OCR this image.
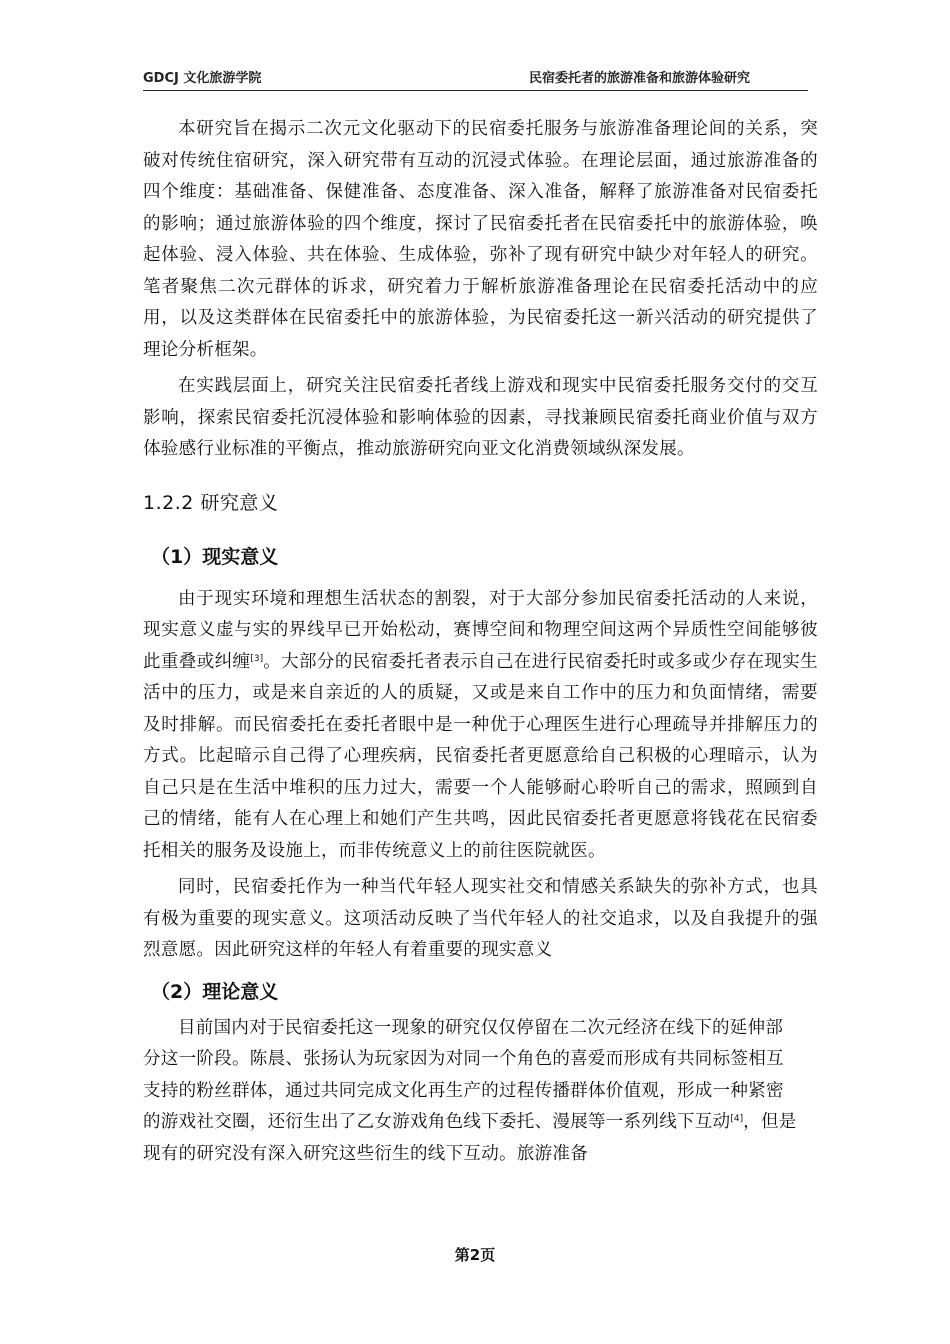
GDCJ 文化旅游学院	民宿委托者的旅游准备和旅游体验研究

本研究旨在揭示二次元文化驱动下的民宿委托服务与旅游准备理论间的关系，突破对传统住宿研究，深入研究带有互动的沉浸式体验。在理论层面，通过旅游准备的四个维度：基础准备、保健准备、态度准备、深入准备，解释了旅游准备对民宿委托的影响；通过旅游体验的四个维度，探讨了民宿委托者在民宿委托中的旅游体验，唤起体验、浸入体验、共在体验、生成体验，弥补了现有研究中缺少对年轻人的研究。笔者聚焦二次元群体的诉求，研究着力于解析旅游准备理论在民宿委托活动中的应用，以及这类群体在民宿委托中的旅游体验，为民宿委托这一新兴活动的研究提供了理论分析框架。

在实践层面上，研究关注民宿委托者线上游戏和现实中民宿委托服务交付的交互影响，探索民宿委托沉浸体验和影响体验的因素，寻找兼顾民宿委托商业价值与双方体验感行业标准的平衡点，推动旅游研究向亚文化消费领域纵深发展。

1.2.2 研究意义
（1）现实意义

由于现实环境和理想生活状态的割裂，对于大部分参加民宿委托活动的人来说，现实意义虚与实的界线早已开始松动，赛博空间和物理空间这两个异质性空间能够彼此重叠或纠缠[3]。大部分的民宿委托者表示自己在进行民宿委托时或多或少存在现实生活中的压力，或是来自亲近的人的质疑，又或是来自工作中的压力和负面情绪，需要及时排解。而民宿委托在委托者眼中是一种优于心理医生进行心理疏导并排解压力的方式。比起暗示自己得了心理疾病，民宿委托者更愿意给自己积极的心理暗示，认为自己只是在生活中堆积的压力过大，需要一个人能够耐心聆听自己的需求，照顾到自己的情绪，能有人在心理上和她们产生共鸣，因此民宿委托者更愿意将钱花在民宿委托相关的服务及设施上，而非传统意义上的前往医院就医。

同时，民宿委托作为一种当代年轻人现实社交和情感关系缺失的弥补方式，也具有极为重要的现实意义。这项活动反映了当代年轻人的社交追求，以及自我提升的强烈意愿。因此研究这样的年轻人有着重要的现实意义

（2）理论意义

目前国内对于民宿委托这一现象的研究仅仅停留在二次元经济在线下的延伸部分这一阶段。陈晨、张扬认为玩家因为对同一个角色的喜爱而形成有共同标签相互支持的粉丝群体，通过共同完成文化再生产的过程传播群体价值观，形成一种紧密的游戏社交圈，还衍生出了乙女游戏角色线下委托、漫展等一系列线下互动[4]，但是现有的研究没有深入研究这些衍生的线下互动。旅游准备

第2页
